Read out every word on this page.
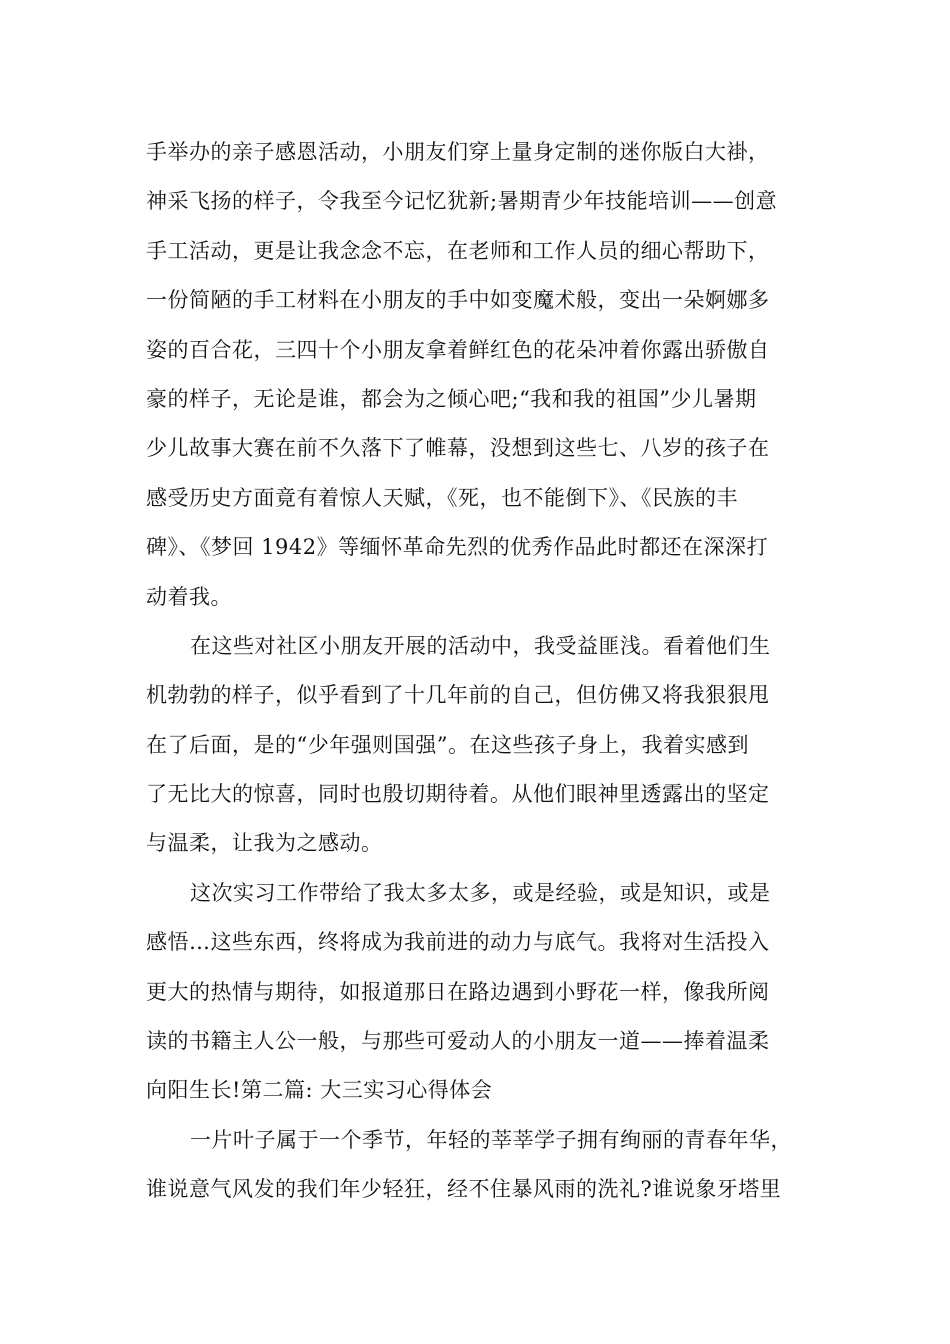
手举办的亲子感恩活动，小朋友们穿上量身定制的迷你版白大褂，
神采飞扬的样子，令我至今记忆犹新;暑期青少年技能培训——创意
手工活动，更是让我念念不忘，在老师和工作人员的细心帮助下，
一份简陋的手工材料在小朋友的手中如变魔术般，变出一朵婀娜多
姿的百合花，三四十个小朋友拿着鲜红色的花朵冲着你露出骄傲自
豪的样子，无论是谁，都会为之倾心吧;“我和我的祖国”少儿暑期
少儿故事大赛在前不久落下了帷幕，没想到这些七、八岁的孩子在
感受历史方面竟有着惊人天赋，《死，也不能倒下》、《民族的丰
碑》、《梦回 1942》等缅怀革命先烈的优秀作品此时都还在深深打
动着我。
在这些对社区小朋友开展的活动中，我受益匪浅。看着他们生
机勃勃的样子，似乎看到了十几年前的自己，但仿佛又将我狠狠甩
在了后面，是的“少年强则国强”。在这些孩子身上，我着实感到
了无比大的惊喜，同时也殷切期待着。从他们眼神里透露出的坚定
与温柔，让我为之感动。
这次实习工作带给了我太多太多，或是经验，或是知识，或是
感悟…这些东西，终将成为我前进的动力与底气。我将对生活投入
更大的热情与期待，如报道那日在路边遇到小野花一样，像我所阅
读的书籍主人公一般，与那些可爱动人的小朋友一道——捧着温柔
向阳生长!第二篇: 大三实习心得体会
一片叶子属于一个季节，年轻的莘莘学子拥有绚丽的青春年华，
谁说意气风发的我们年少轻狂，经不住暴风雨的洗礼?谁说象牙塔里
